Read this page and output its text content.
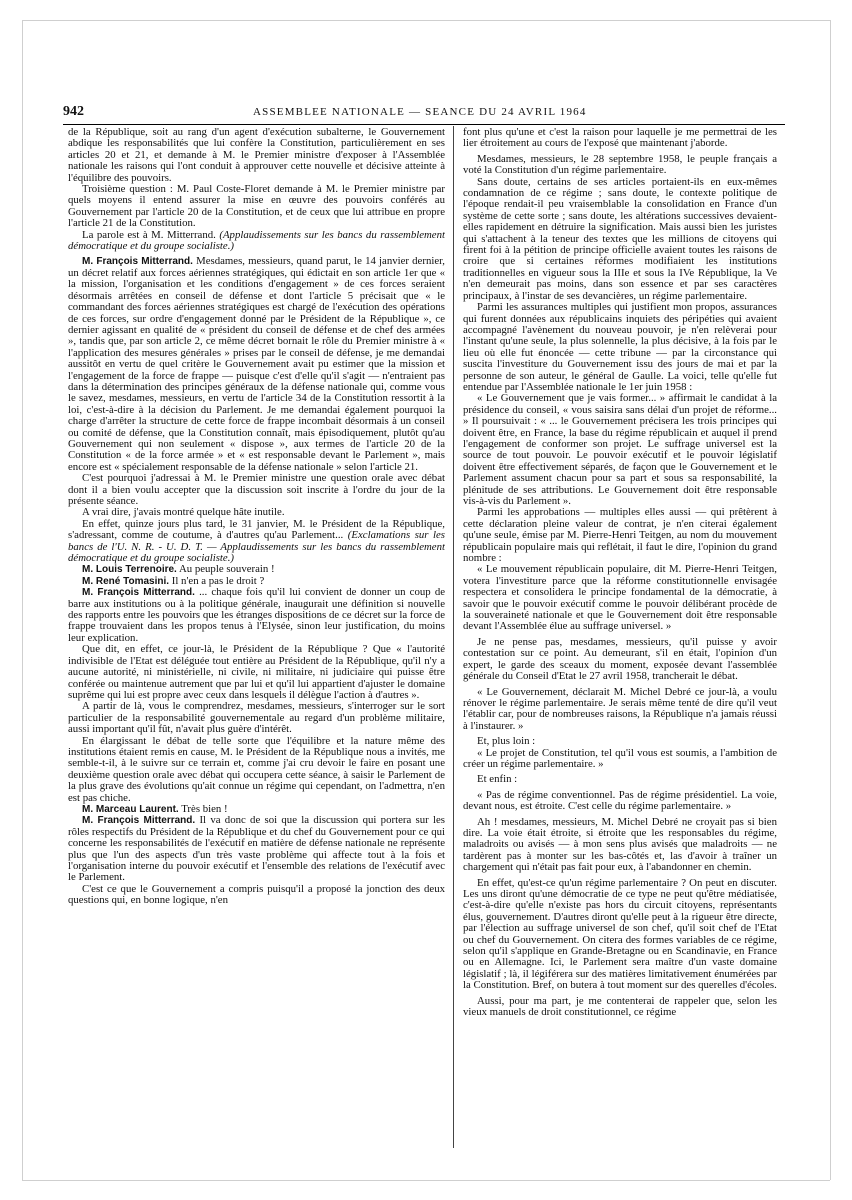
942	ASSEMBLEE NATIONALE — SEANCE DU 24 AVRIL 1964

de la République, soit au rang d'un agent d'exécution subalterne, le Gouvernement abdique les responsabilités que lui confère la Constitution, particulièrement en ses articles 20 et 21, et demande à M. le Premier ministre d'exposer à l'Assemblée nationale les raisons qui l'ont conduit à approuver cette nouvelle et décisive atteinte à l'équilibre des pouvoirs.

Troisième question : M. Paul Coste-Floret demande à M. le Premier ministre par quels moyens il entend assurer la mise en œuvre des pouvoirs conférés au Gouvernement par l'article 20 de la Constitution, et de ceux que lui attribue en propre l'article 21 de la Constitution.

La parole est à M. Mitterrand. (Applaudissements sur les bancs du rassemblement démocratique et du groupe socialiste.)

M. François Mitterrand. Mesdames, messieurs, quand parut, le 14 janvier dernier, un décret relatif aux forces aériennes stratégiques, qui édictait en son article 1er que « la mission, l'organisation et les conditions d'engagement » de ces forces seraient désormais arrêtées en conseil de défense et dont l'article 5 précisait que « le commandant des forces aériennes stratégiques est chargé de l'exécution des opérations de ces forces, sur ordre d'engagement donné par le Président de la République », ce dernier agissant en qualité de « président du conseil de défense et de chef des armées », tandis que, par son article 2, ce même décret bornait le rôle du Premier ministre à « l'application des mesures générales » prises par le conseil de défense, je me demandai aussitôt en vertu de quel critère le Gouvernement avait pu estimer que la mission et l'engagement de la force de frappe — puisque c'est d'elle qu'il s'agit — n'entraient pas dans la détermination des principes généraux de la défense nationale qui, comme vous le savez, mesdames, messieurs, en vertu de l'article 34 de la Constitution ressortit à la loi, c'est-à-dire à la décision du Parlement. Je me demandai également pourquoi la charge d'arrêter la structure de cette force de frappe incombait désormais à un conseil ou comité de défense, que la Constitution connaît, mais épisodiquement, plutôt qu'au Gouvernement qui non seulement « dispose », aux termes de l'article 20 de la Constitution « de la force armée » et « est responsable devant le Parlement », mais encore est « spécialement responsable de la défense nationale » selon l'article 21.

C'est pourquoi j'adressai à M. le Premier ministre une question orale avec débat dont il a bien voulu accepter que la discussion soit inscrite à l'ordre du jour de la présente séance.

A vrai dire, j'avais montré quelque hâte inutile.

En effet, quinze jours plus tard, le 31 janvier, M. le Président de la République, s'adressant, comme de coutume, à d'autres qu'au Parlement... (Exclamations sur les bancs de l'U. N. R. - U. D. T. — Applaudissements sur les bancs du rassemblement démocratique et du groupe socialiste.)

M. Louis Terrenoire. Au peuple souverain !

M. René Tomasini. Il n'en a pas le droit ?

M. François Mitterrand. ... chaque fois qu'il lui convient de donner un coup de barre aux institutions ou à la politique générale, inaugurait une définition si nouvelle des rapports entre les pouvoirs que les étranges dispositions de ce décret sur la force de frappe trouvaient dans les propos tenus à l'Elysée, sinon leur justification, du moins leur explication.

Que dit, en effet, ce jour-là, le Président de la République ? Que « l'autorité indivisible de l'Etat est déléguée tout entière au Président de la République, qu'il n'y a aucune autorité, ni ministérielle, ni civile, ni militaire, ni judiciaire qui puisse être conférée ou maintenue autrement que par lui et qu'il lui appartient d'ajuster le domaine suprême qui lui est propre avec ceux dans lesquels il délègue l'action à d'autres ».

A partir de là, vous le comprendrez, mesdames, messieurs, s'interroger sur le sort particulier de la responsabilité gouvernementale au regard d'un problème militaire, aussi important qu'il fût, n'avait plus guère d'intérêt.

En élargissant le débat de telle sorte que l'équilibre et la nature même des institutions étaient remis en cause, M. le Président de la République nous a invités, me semble-t-il, à le suivre sur ce terrain et, comme j'ai cru devoir le faire en posant une deuxième question orale avec débat qui occupera cette séance, à saisir le Parlement de la plus grave des évolutions qu'ait connue un régime qui cependant, on l'admettra, n'en est pas chiche.

M. Marceau Laurent. Très bien !

M. François Mitterrand. Il va donc de soi que la discussion qui portera sur les rôles respectifs du Président de la République et du chef du Gouvernement pour ce qui concerne les responsabilités de l'exécutif en matière de défense nationale ne représente plus que l'un des aspects d'un très vaste problème qui affecte tout à la fois et l'organisation interne du pouvoir exécutif et l'ensemble des relations de l'exécutif avec le Parlement.

C'est ce que le Gouvernement a compris puisqu'il a proposé la jonction des deux questions qui, en bonne logique, n'en

font plus qu'une et c'est la raison pour laquelle je me permettrai de les lier étroitement au cours de l'exposé que maintenant j'aborde.

Mesdames, messieurs, le 28 septembre 1958, le peuple français a voté la Constitution d'un régime parlementaire.

Sans doute, certains de ses articles portaient-ils en eux-mêmes condamnation de ce régime ; sans doute, le contexte politique de l'époque rendait-il peu vraisemblable la consolidation en France d'un système de cette sorte ; sans doute, les altérations successives devaient-elles rapidement en détruire la signification. Mais aussi bien les juristes qui s'attachent à la teneur des textes que les millions de citoyens qui firent foi à la pétition de principe officielle avaient toutes les raisons de croire que si certaines réformes modifiaient les institutions traditionnelles en vigueur sous la IIIe et sous la IVe République, la Ve n'en demeurait pas moins, dans son essence et par ses caractères principaux, à l'instar de ses devancières, un régime parlementaire.

Parmi les assurances multiples qui justifient mon propos, assurances qui furent données aux républicains inquiets des péripéties qui avaient accompagné l'avènement du nouveau pouvoir, je n'en relèverai pour l'instant qu'une seule, la plus solennelle, la plus décisive, à la fois par le lieu où elle fut énoncée — cette tribune — par la circonstance qui suscita l'investiture du Gouvernement issu des jours de mai et par la personne de son auteur, le général de Gaulle. La voici, telle qu'elle fut entendue par l'Assemblée nationale le 1er juin 1958 :

« Le Gouvernement que je vais former... » affirmait le candidat à la présidence du conseil, « vous saisira sans délai d'un projet de réforme... » Il poursuivait : « ... le Gouvernement précisera les trois principes qui doivent être, en France, la base du régime républicain et auquel il prend l'engagement de conformer son projet. Le suffrage universel est la source de tout pouvoir. Le pouvoir exécutif et le pouvoir législatif doivent être effectivement séparés, de façon que le Gouvernement et le Parlement assument chacun pour sa part et sous sa responsabilité, la plénitude de ses attributions. Le Gouvernement doit être responsable vis-à-vis du Parlement ».

Parmi les approbations — multiples elles aussi — qui prêtèrent à cette déclaration pleine valeur de contrat, je n'en citerai également qu'une seule, émise par M. Pierre-Henri Teitgen, au nom du mouvement républicain populaire mais qui reflétait, il faut le dire, l'opinion du grand nombre :

« Le mouvement républicain populaire, dit M. Pierre-Henri Teitgen, votera l'investiture parce que la réforme constitutionnelle envisagée respectera et consolidera le principe fondamental de la démocratie, à savoir que le pouvoir exécutif comme le pouvoir délibérant procède de la souveraineté nationale et que le Gouvernement doit être responsable devant l'Assemblée élue au suffrage universel. »

Je ne pense pas, mesdames, messieurs, qu'il puisse y avoir contestation sur ce point. Au demeurant, s'il en était, l'opinion d'un expert, le garde des sceaux du moment, exposée devant l'assemblée générale du Conseil d'Etat le 27 avril 1958, trancherait le débat.

« Le Gouvernement, déclarait M. Michel Debré ce jour-là, a voulu rénover le régime parlementaire. Je serais même tenté de dire qu'il veut l'établir car, pour de nombreuses raisons, la République n'a jamais réussi à l'instaurer. »

Et, plus loin :

« Le projet de Constitution, tel qu'il vous est soumis, a l'ambition de créer un régime parlementaire. »

Et enfin :

« Pas de régime conventionnel. Pas de régime présidentiel. La voie, devant nous, est étroite. C'est celle du régime parlementaire. »

Ah ! mesdames, messieurs, M. Michel Debré ne croyait pas si bien dire. La voie était étroite, si étroite que les responsables du régime, maladroits ou avisés — à mon sens plus avisés que maladroits — ne tardèrent pas à monter sur les bas-côtés et, las d'avoir à traîner un chargement qui n'était pas fait pour eux, à l'abandonner en chemin.

En effet, qu'est-ce qu'un régime parlementaire ? On peut en discuter. Les uns diront qu'une démocratie de ce type ne peut qu'être médiatisée, c'est-à-dire qu'elle n'existe pas hors du circuit citoyens, représentants élus, gouvernement. D'autres diront qu'elle peut à la rigueur être directe, par l'élection au suffrage universel de son chef, qu'il soit chef de l'Etat ou chef du Gouvernement. On citera des formes variables de ce régime, selon qu'il s'applique en Grande-Bretagne ou en Scandinavie, en France ou en Allemagne. Ici, le Parlement sera maître d'un vaste domaine législatif ; là, il légiférera sur des matières limitativement énumérées par la Constitution. Bref, on butera à tout moment sur des querelles d'écoles.

Aussi, pour ma part, je me contenterai de rappeler que, selon les vieux manuels de droit constitutionnel, ce régime
